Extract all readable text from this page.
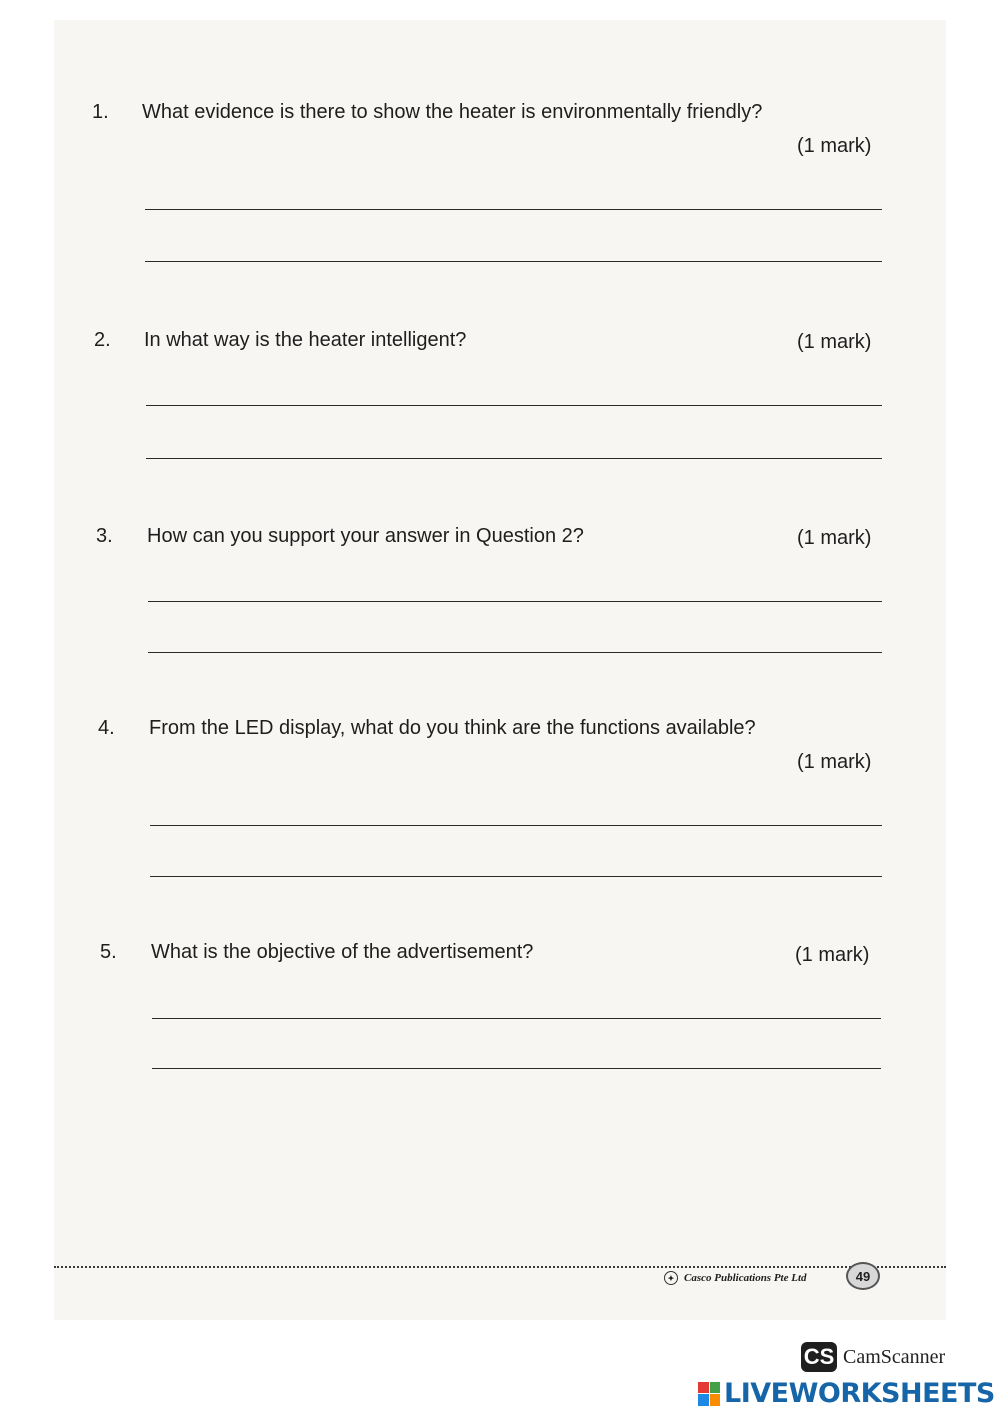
1.	What evidence is there to show the heater is environmentally friendly?
(1 mark)
2.	In what way is the heater intelligent?	(1 mark)
3.	How can you support your answer in Question 2?	(1 mark)
4.	From the LED display, what do you think are the functions available?
(1 mark)
5.	What is the objective of the advertisement?	(1 mark)
✦ Casco Publications Pte Ltd	49
CS CamScanner
LIVEWORKSHEETS
